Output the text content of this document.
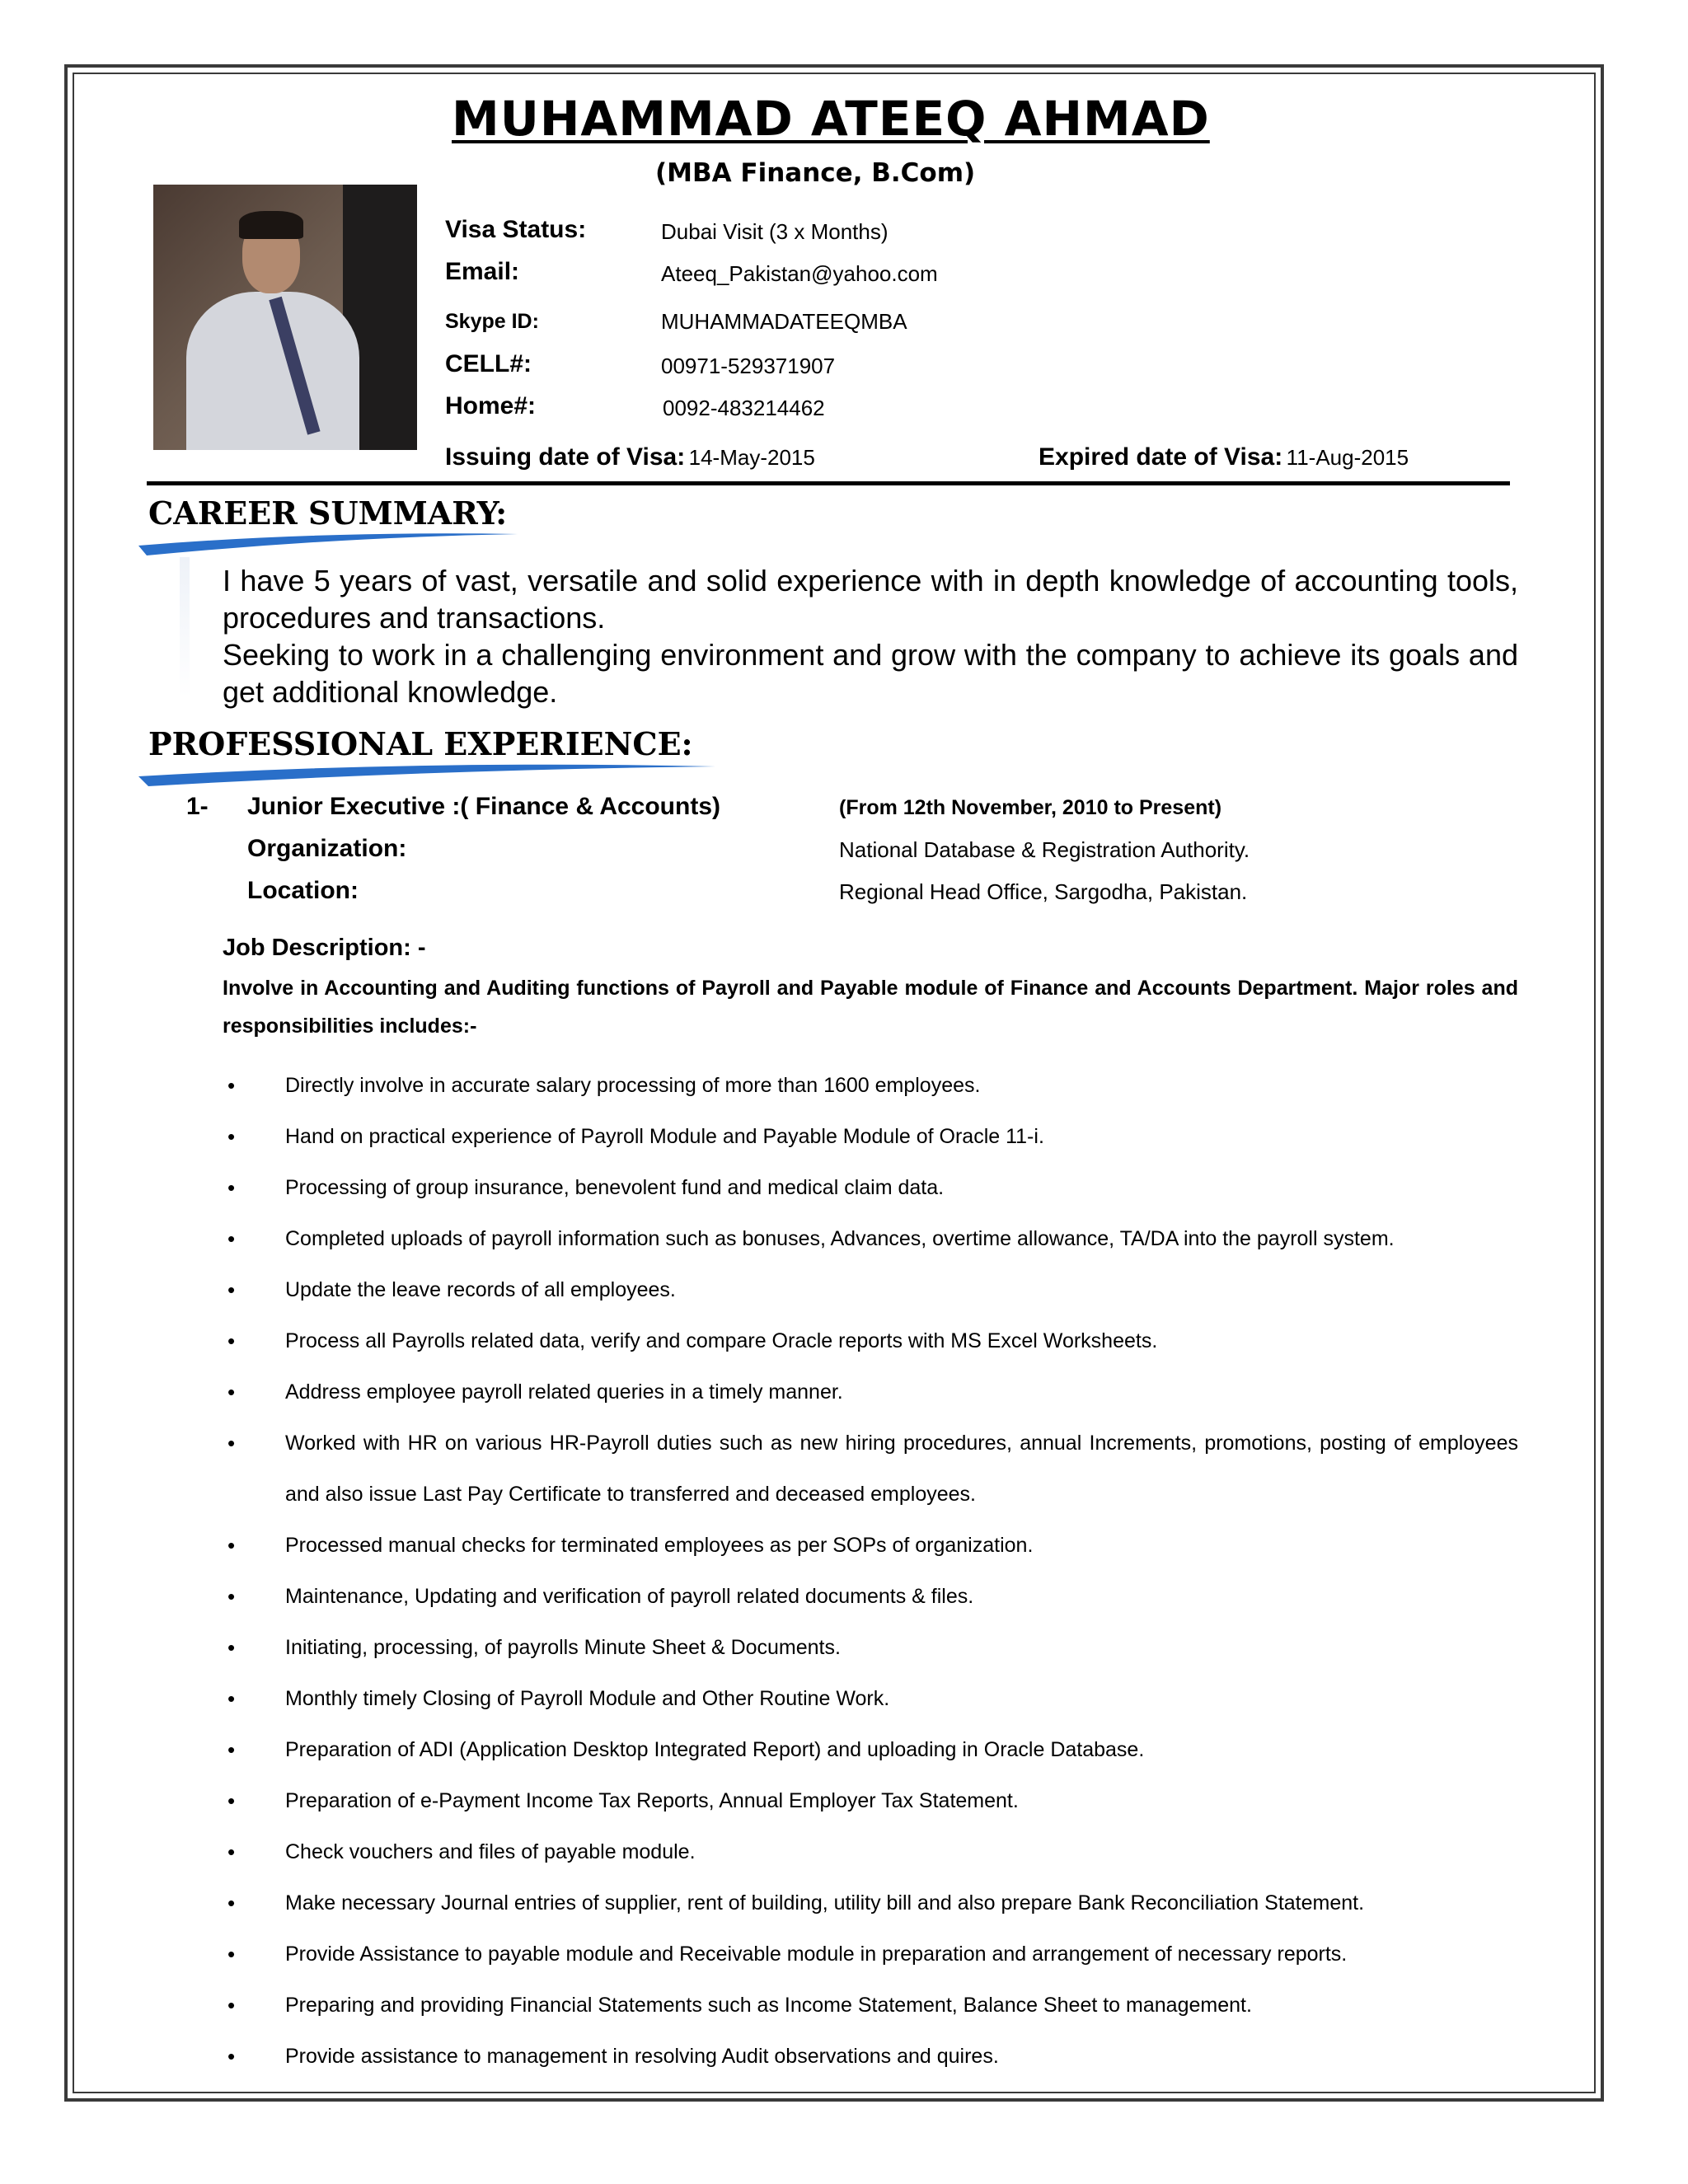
MUHAMMAD ATEEQ AHMAD
(MBA Finance, B.Com)
Visa Status:	Dubai Visit (3 x Months)
Email:	Ateeq_Pakistan@yahoo.com
Skype ID:	MUHAMMADATEEQMBA
CELL#:	00971-529371907
Home#:	0092-483214462
Issuing date of Visa: 14-May-2015	Expired date of Visa: 11-Aug-2015
CAREER SUMMARY:

I have 5 years of vast, versatile and solid experience with in depth knowledge of accounting tools, procedures and transactions.

Seeking to work in a challenging environment and grow with the company to achieve its goals and get additional knowledge.

PROFESSIONAL EXPERIENCE:
1- Junior Executive :( Finance & Accounts)	(From 12th November, 2010 to Present)
Organization:	National Database & Registration Authority.
Location:	Regional Head Office, Sargodha, Pakistan.
Job Description: -
Involve in Accounting and Auditing functions of Payroll and Payable module of Finance and Accounts Department. Major roles and responsibilities includes:-
• Directly involve in accurate salary processing of more than 1600 employees.
• Hand on practical experience of Payroll Module and Payable Module of Oracle 11-i.
• Processing of group insurance, benevolent fund and medical claim data.
• Completed uploads of payroll information such as bonuses, Advances, overtime allowance, TA/DA into the payroll system.
• Update the leave records of all employees.
• Process all Payrolls related data, verify and compare Oracle reports with MS Excel Worksheets.
• Address employee payroll related queries in a timely manner.
• Worked with HR on various HR-Payroll duties such as new hiring procedures, annual Increments, promotions, posting of employees and also issue Last Pay Certificate to transferred and deceased employees.
• Processed manual checks for terminated employees as per SOPs of organization.
• Maintenance, Updating and verification of payroll related documents & files.
• Initiating, processing, of payrolls Minute Sheet & Documents.
• Monthly timely Closing of Payroll Module and Other Routine Work.
• Preparation of ADI (Application Desktop Integrated Report) and uploading in Oracle Database.
• Preparation of e-Payment Income Tax Reports, Annual Employer Tax Statement.
• Check vouchers and files of payable module.
• Make necessary Journal entries of supplier, rent of building, utility bill and also prepare Bank Reconciliation Statement.
• Provide Assistance to payable module and Receivable module in preparation and arrangement of necessary reports.
• Preparing and providing Financial Statements such as Income Statement, Balance Sheet to management.
• Provide assistance to management in resolving Audit observations and quires.
